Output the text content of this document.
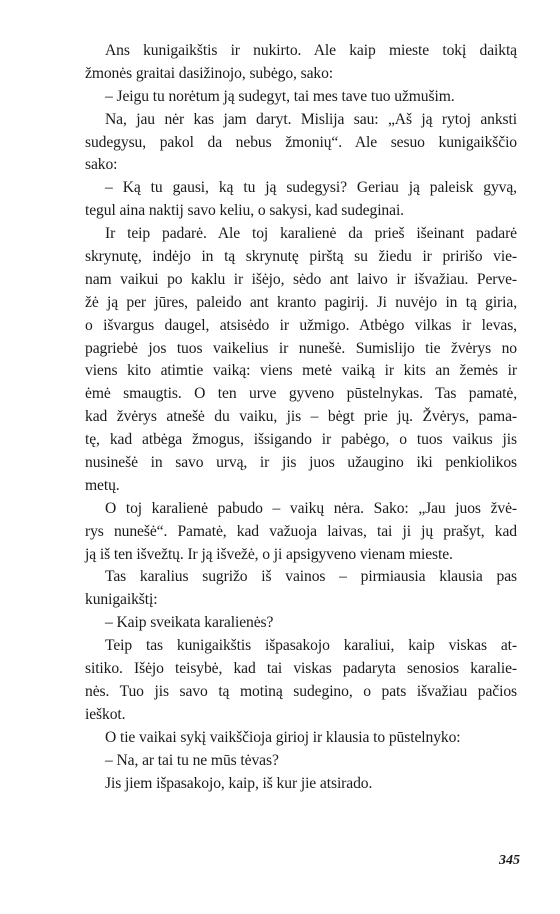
Ans kunigaikštis ir nukirto. Ale kaip mieste tokį daiktą
žmonės graitai dasižinojo, subėgo, sako:
– Jeigu tu norėtum ją sudegyt, tai mes tave tuo užmušim.
Na, jau nėr kas jam daryt. Mislija sau: „Aš ją rytoj anksti
sudegysu, pakol da nebus žmonių“. Ale sesuo kunigaikščio
sako:
– Ką tu gausi, ką tu ją sudegysi? Geriau ją paleisk gyvą,
tegul aina naktij savo keliu, o sakysi, kad sudeginai.
Ir teip padarė. Ale toj karalienė da prieš išeinant padarė
skrynutę, indėjo in tą skrynutę pirštą su žiedu ir pririšo vie-
nam vaikui po kaklu ir išėjo, sėdo ant laivo ir išvažiau. Perve-
žė ją per jūres, paleido ant kranto pagirij. Ji nuvėjo in tą giria,
o išvargus daugel, atsisėdo ir užmigo. Atbėgo vilkas ir levas,
pagriebė jos tuos vaikelius ir nunešė. Sumislijo tie žvėrys no
viens kito atimtie vaiką: viens metė vaiką ir kits an žemės ir
ėmė smaugtis. O ten urve gyveno pūstelnykas. Tas pamatė,
kad žvėrys atnešė du vaiku, jis – bėgt prie jų. Žvėrys, pama-
tę, kad atbėga žmogus, išsigando ir pabėgo, o tuos vaikus jis
nusinešė in savo urvą, ir jis juos užaugino iki penkiolikos
metų.
O toj karalienė pabudo – vaikų nėra. Sako: „Jau juos žvė-
rys nunešė“. Pamatė, kad važuoja laivas, tai ji jų prašyt, kad
ją iš ten išvežtų. Ir ją išvežė, o ji apsigyveno vienam mieste.
Tas karalius sugrižo iš vainos – pirmiausia klausia pas
kunigaikštį:
– Kaip sveikata karalienės?
Teip tas kunigaikštis išpasakojo karaliui, kaip viskas at-
sitiko. Išėjo teisybė, kad tai viskas padaryta senosios karalie-
nės. Tuo jis savo tą motiną sudegino, o pats išvažiau pačios
ieškot.
O tie vaikai sykį vaikščioja girioj ir klausia to pūstelnyko:
– Na, ar tai tu ne mūs tėvas?
Jis jiem išpasakojo, kaip, iš kur jie atsirado.
345
